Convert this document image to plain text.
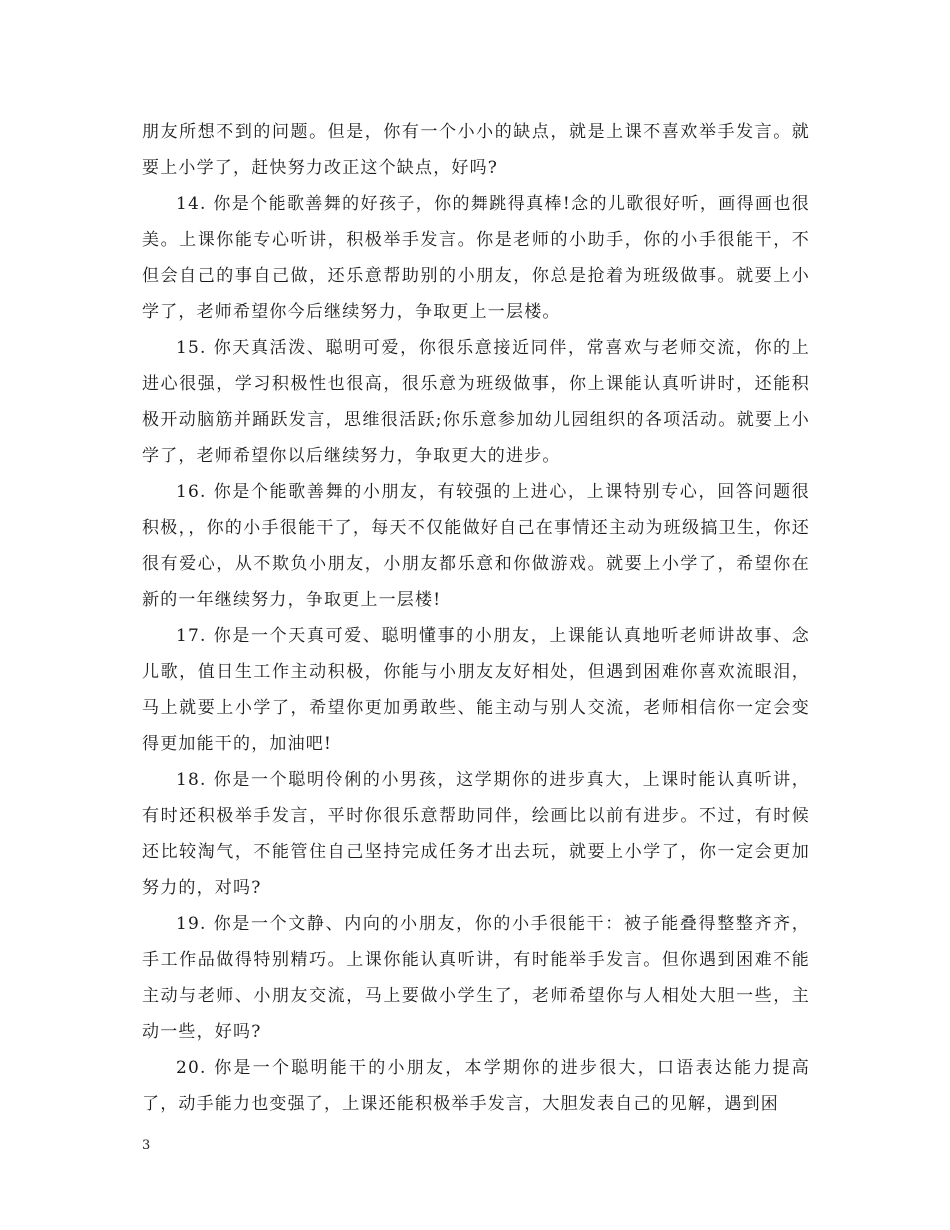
朋友所想不到的问题。但是，你有一个小小的缺点，就是上课不喜欢举手发言。就要上小学了，赶快努力改正这个缺点，好吗?

14. 你是个能歌善舞的好孩子，你的舞跳得真棒!念的儿歌很好听，画得画也很美。上课你能专心听讲，积极举手发言。你是老师的小助手，你的小手很能干，不但会自己的事自己做，还乐意帮助别的小朋友，你总是抢着为班级做事。就要上小学了，老师希望你今后继续努力，争取更上一层楼。

15. 你天真活泼、聪明可爱，你很乐意接近同伴，常喜欢与老师交流，你的上进心很强，学习积极性也很高，很乐意为班级做事，你上课能认真听讲时，还能积极开动脑筋并踊跃发言，思维很活跃;你乐意参加幼儿园组织的各项活动。就要上小学了，老师希望你以后继续努力，争取更大的进步。

16. 你是个能歌善舞的小朋友，有较强的上进心，上课特别专心，回答问题很积极，，你的小手很能干了，每天不仅能做好自己在事情还主动为班级搞卫生，你还很有爱心，从不欺负小朋友，小朋友都乐意和你做游戏。就要上小学了，希望你在新的一年继续努力，争取更上一层楼!

17. 你是一个天真可爱、聪明懂事的小朋友，上课能认真地听老师讲故事、念儿歌，值日生工作主动积极，你能与小朋友友好相处，但遇到困难你喜欢流眼泪，马上就要上小学了，希望你更加勇敢些、能主动与别人交流，老师相信你一定会变得更加能干的，加油吧!

18. 你是一个聪明伶俐的小男孩，这学期你的进步真大，上课时能认真听讲，有时还积极举手发言，平时你很乐意帮助同伴，绘画比以前有进步。不过，有时候还比较淘气，不能管住自己坚持完成任务才出去玩，就要上小学了，你一定会更加努力的，对吗?

19. 你是一个文静、内向的小朋友，你的小手很能干：被子能叠得整整齐齐，手工作品做得特别精巧。上课你能认真听讲，有时能举手发言。但你遇到困难不能主动与老师、小朋友交流，马上要做小学生了，老师希望你与人相处大胆一些，主动一些，好吗?

20. 你是一个聪明能干的小朋友，本学期你的进步很大，口语表达能力提高了，动手能力也变强了，上课还能积极举手发言，大胆发表自己的见解，遇到困

3
